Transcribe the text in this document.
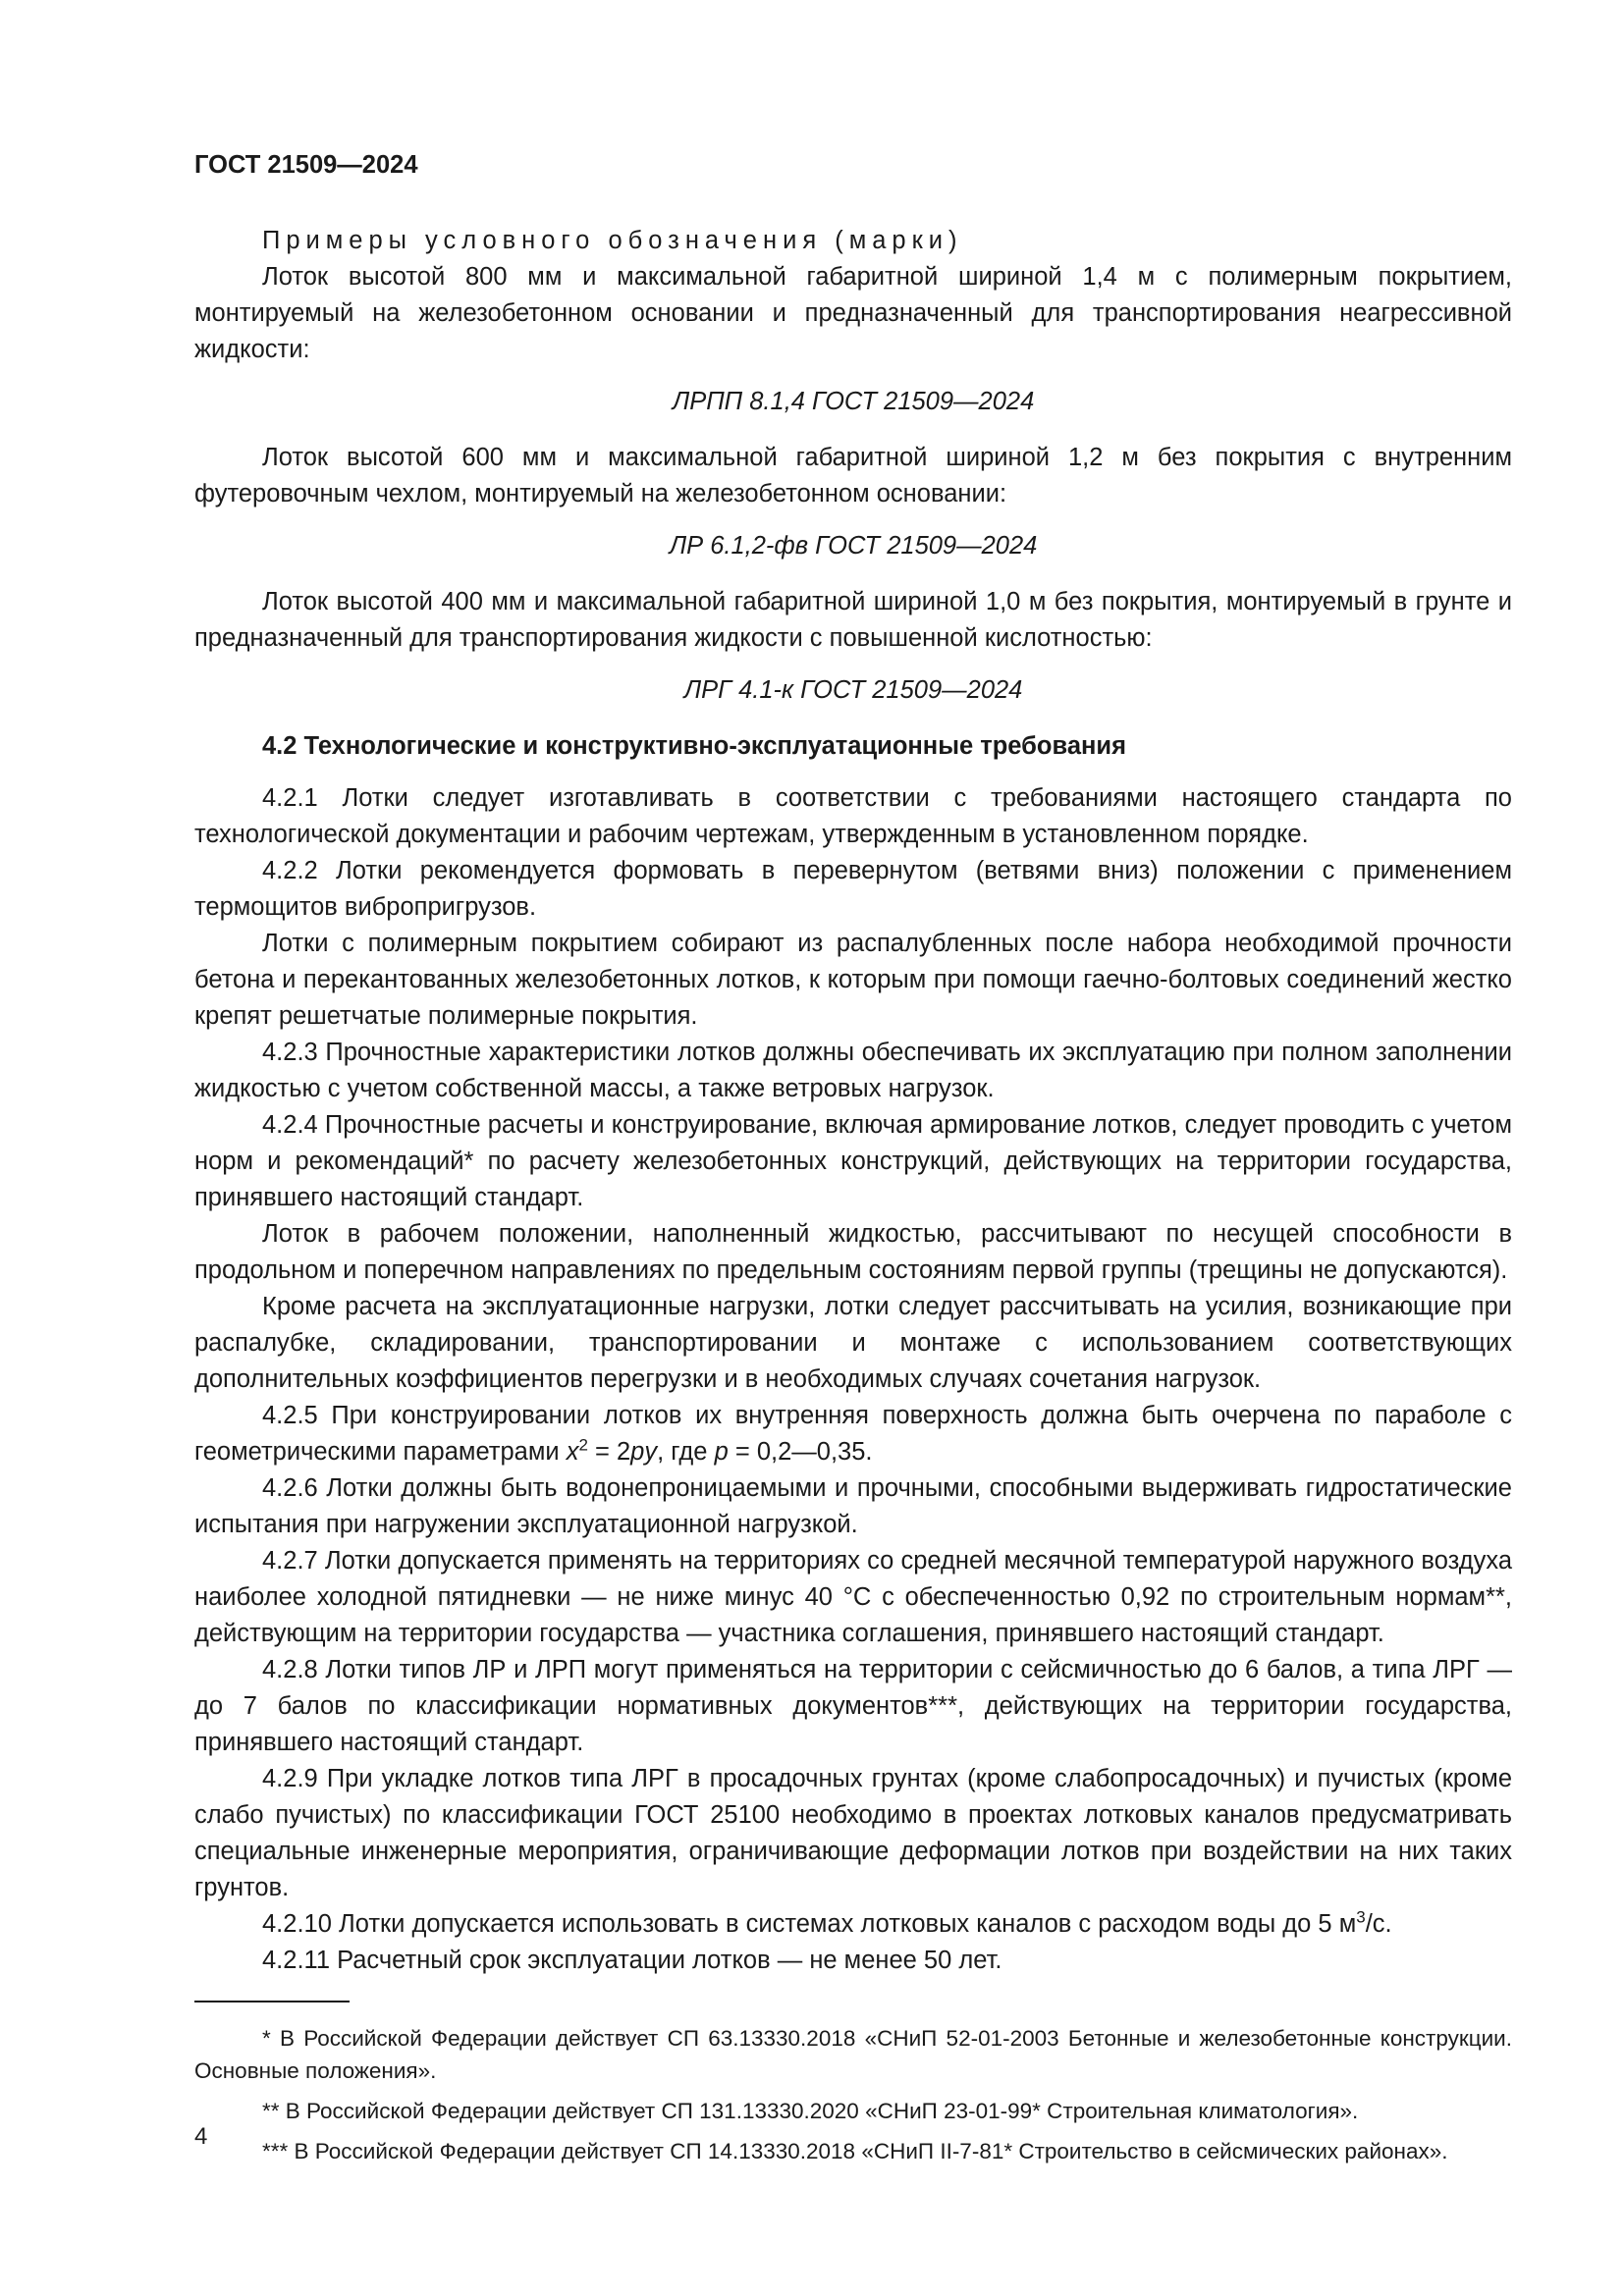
ГОСТ 21509—2024

Примеры условного обозначения (марки)

Лоток высотой 800 мм и максимальной габаритной шириной 1,4 м с полимерным покрытием, монтируемый на железобетонном основании и предназначенный для транспортирования неагрессивной жидкости:

ЛРПП 8.1,4 ГОСТ 21509—2024

Лоток высотой 600 мм и максимальной габаритной шириной 1,2 м без покрытия с внутренним футеровочным чехлом, монтируемый на железобетонном основании:

ЛР 6.1,2-фв ГОСТ 21509—2024

Лоток высотой 400 мм и максимальной габаритной шириной 1,0 м без покрытия, монтируемый в грунте и предназначенный для транспортирования жидкости с повышенной кислотностью:

ЛРГ 4.1-к ГОСТ 21509—2024

4.2 Технологические и конструктивно-эксплуатационные требования

4.2.1 Лотки следует изготавливать в соответствии с требованиями настоящего стандарта по технологической документации и рабочим чертежам, утвержденным в установленном порядке.

4.2.2 Лотки рекомендуется формовать в перевернутом (ветвями вниз) положении с применением термощитов вибропригрузов.

Лотки с полимерным покрытием собирают из распалубленных после набора необходимой прочности бетона и перекантованных железобетонных лотков, к которым при помощи гаечно-болтовых соединений жестко крепят решетчатые полимерные покрытия.

4.2.3 Прочностные характеристики лотков должны обеспечивать их эксплуатацию при полном заполнении жидкостью с учетом собственной массы, а также ветровых нагрузок.

4.2.4 Прочностные расчеты и конструирование, включая армирование лотков, следует проводить с учетом норм и рекомендаций* по расчету железобетонных конструкций, действующих на территории государства, принявшего настоящий стандарт.

Лоток в рабочем положении, наполненный жидкостью, рассчитывают по несущей способности в продольном и поперечном направлениях по предельным состояниям первой группы (трещины не допускаются).

Кроме расчета на эксплуатационные нагрузки, лотки следует рассчитывать на усилия, возникающие при распалубке, складировании, транспортировании и монтаже с использованием соответствующих дополнительных коэффициентов перегрузки и в необходимых случаях сочетания нагрузок.

4.2.5 При конструировании лотков их внутренняя поверхность должна быть очерчена по параболе с геометрическими параметрами $x^2 = 2py$, где p = 0,2—0,35.

4.2.6 Лотки должны быть водонепроницаемыми и прочными, способными выдерживать гидростатические испытания при нагружении эксплуатационной нагрузкой.

4.2.7 Лотки допускается применять на территориях со средней месячной температурой наружного воздуха наиболее холодной пятидневки — не ниже минус 40 °С с обеспеченностью 0,92 по строительным нормам**, действующим на территории государства — участника соглашения, принявшего настоящий стандарт.

4.2.8 Лотки типов ЛР и ЛРП могут применяться на территории с сейсмичностью до 6 балов, а типа ЛРГ — до 7 балов по классификации нормативных документов***, действующих на территории государства, принявшего настоящий стандарт.

4.2.9 При укладке лотков типа ЛРГ в просадочных грунтах (кроме слабопросадочных) и пучистых (кроме слабо пучистых) по классификации ГОСТ 25100 необходимо в проектах лотковых каналов предусматривать специальные инженерные мероприятия, ограничивающие деформации лотков при воздействии на них таких грунтов.

4.2.10 Лотки допускается использовать в системах лотковых каналов с расходом воды до 5 $м^3/с$.

4.2.11 Расчетный срок эксплуатации лотков — не менее 50 лет.

* В Российской Федерации действует СП 63.13330.2018 «СНиП 52-01-2003 Бетонные и железобетонные конструкции. Основные положения».

** В Российской Федерации действует СП 131.13330.2020 «СНиП 23-01-99* Строительная климатология».

*** В Российской Федерации действует СП 14.13330.2018 «СНиП II-7-81* Строительство в сейсмических районах».

4
